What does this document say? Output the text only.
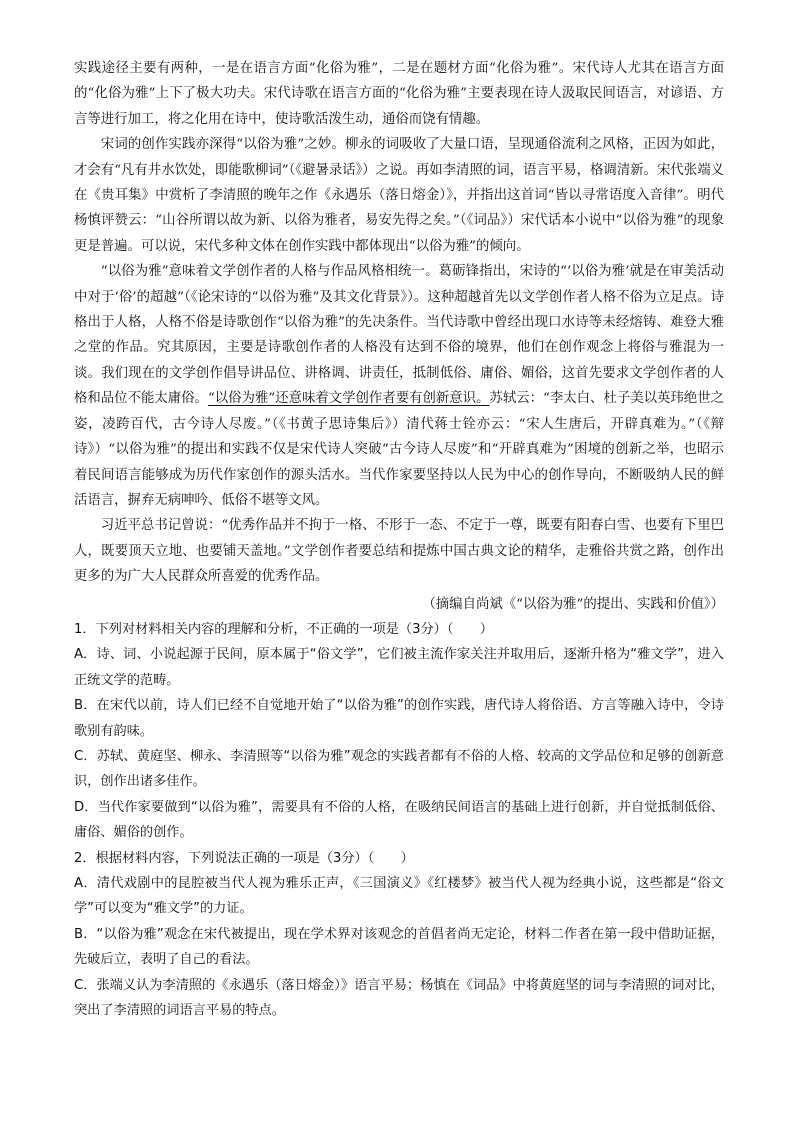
实践途径主要有两种，一是在语言方面“化俗为雅”，二是在题材方面“化俗为雅”。宋代诗人尤其在语言方面的“化俗为雅”上下了极大功夫。宋代诗歌在语言方面的“化俗为雅”主要表现在诗人汲取民间语言，对谚语、方言等进行加工，将之化用在诗中，使诗歌活泼生动，通俗而饶有情趣。

宋词的创作实践亦深得“以俗为雅”之妙。柳永的词吸收了大量口语，呈现通俗流利之风格，正因为如此，才会有“凡有井水饮处，即能歌柳词”（《避暑录话》）之说。再如李清照的词，语言平易，格调清新。宋代张端义在《贵耳集》中赏析了李清照的晚年之作《永遇乐（落日熔金）》，并指出这首词“皆以寻常语度入音律”。明代杨慎评赞云：“山谷所谓以故为新、以俗为雅者，易安先得之矣。”（《词品》）宋代话本小说中“以俗为雅”的现象更是普遍。可以说，宋代多种文体在创作实践中都体现出“以俗为雅”的倾向。

“以俗为雅”意味着文学创作者的人格与作品风格相统一。葛砺锋指出，宋诗的“‘以俗为雅’就是在审美活动中对于‘俗’的超越”（《论宋诗的“以俗为雅”及其文化背景》）。这种超越首先以文学创作者人格不俗为立足点。诗格出于人格，人格不俗是诗歌创作“以俗为雅”的先决条件。当代诗歌中曾经出现口水诗等未经熔铸、难登大雅之堂的作品。究其原因，主要是诗歌创作者的人格没有达到不俗的境界，他们在创作观念上将俗与雅混为一谈。我们现在的文学创作倡导讲品位、讲格调、讲责任，抵制低俗、庸俗、媚俗，这首先要求文学创作者的人格和品位不能太庸俗。“以俗为雅”还意味着文学创作者要有创新意识。苏轼云：“李太白、杜子美以英玮绝世之姿，凌跨百代，古今诗人尽废。”（《书黄子思诗集后》）清代蒋士铨亦云：“宋人生唐后，开辟真难为。”（《辩诗》）“以俗为雅”的提出和实践不仅是宋代诗人突破“古今诗人尽废”和“开辟真难为”困境的创新之举，也昭示着民间语言能够成为历代作家创作的源头活水。当代作家要坚持以人民为中心的创作导向，不断吸纳人民的鲜活语言，摒弃无病呻吟、低俗不堪等文风。

习近平总书记曾说：“优秀作品并不拘于一格、不形于一态、不定于一尊，既要有阳春白雪、也要有下里巴人，既要顶天立地、也要铺天盖地。”文学创作者要总结和提炼中国古典文论的精华，走雅俗共赏之路，创作出更多的为广大人民群众所喜爱的优秀作品。

（摘编自尚斌《“以俗为雅”的提出、实践和价值》）

1．下列对材料相关内容的理解和分析，不正确的一项是（3分）（　　）

A．诗、词、小说起源于民间，原本属于“俗文学”，它们被主流作家关注并取用后，逐渐升格为“雅文学”，进入正统文学的范畴。

B．在宋代以前，诗人们已经不自觉地开始了“以俗为雅”的创作实践，唐代诗人将俗语、方言等融入诗中，令诗歌别有韵味。

C．苏轼、黄庭坚、柳永、李清照等“以俗为雅”观念的实践者都有不俗的人格、较高的文学品位和足够的创新意识，创作出诸多佳作。

D．当代作家要做到“以俗为雅”，需要具有不俗的人格，在吸纳民间语言的基础上进行创新，并自觉抵制低俗、庸俗、媚俗的创作。

2．根据材料内容，下列说法正确的一项是（3分）（　　）

A．清代戏剧中的昆腔被当代人视为雅乐正声，《三国演义》《红楼梦》被当代人视为经典小说，这些都是“俗文学”可以变为“雅文学”的力证。

B．“以俗为雅”观念在宋代被提出，现在学术界对该观念的首倡者尚无定论，材料二作者在第一段中借助证据，先破后立，表明了自己的看法。

C．张端义认为李清照的《永遇乐（落日熔金）》语言平易；杨慎在《词品》中将黄庭坚的词与李清照的词对比，突出了李清照的词语言平易的特点。
